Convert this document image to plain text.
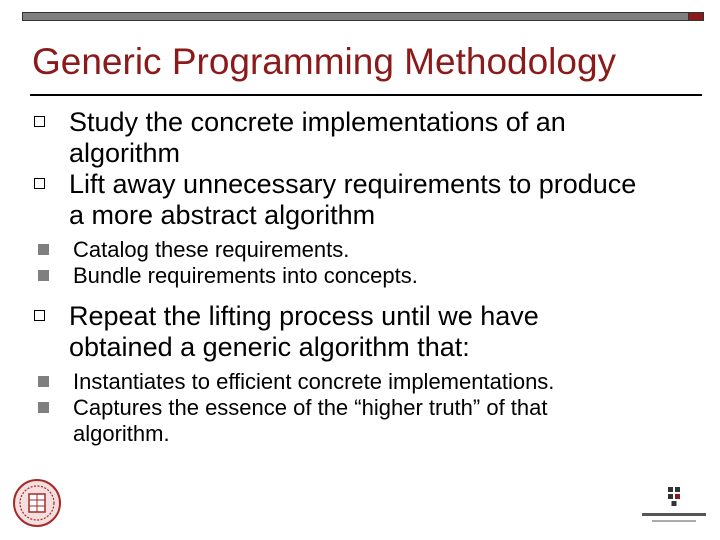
Generic Programming Methodology
Study the concrete implementations of an
algorithm
Lift away unnecessary requirements to produce
a more abstract algorithm
Catalog these requirements.
Bundle requirements into concepts.
Repeat the lifting process until we have
obtained a generic algorithm that:
Instantiates to efficient concrete implementations.
Captures the essence of the “higher truth” of that
algorithm.
